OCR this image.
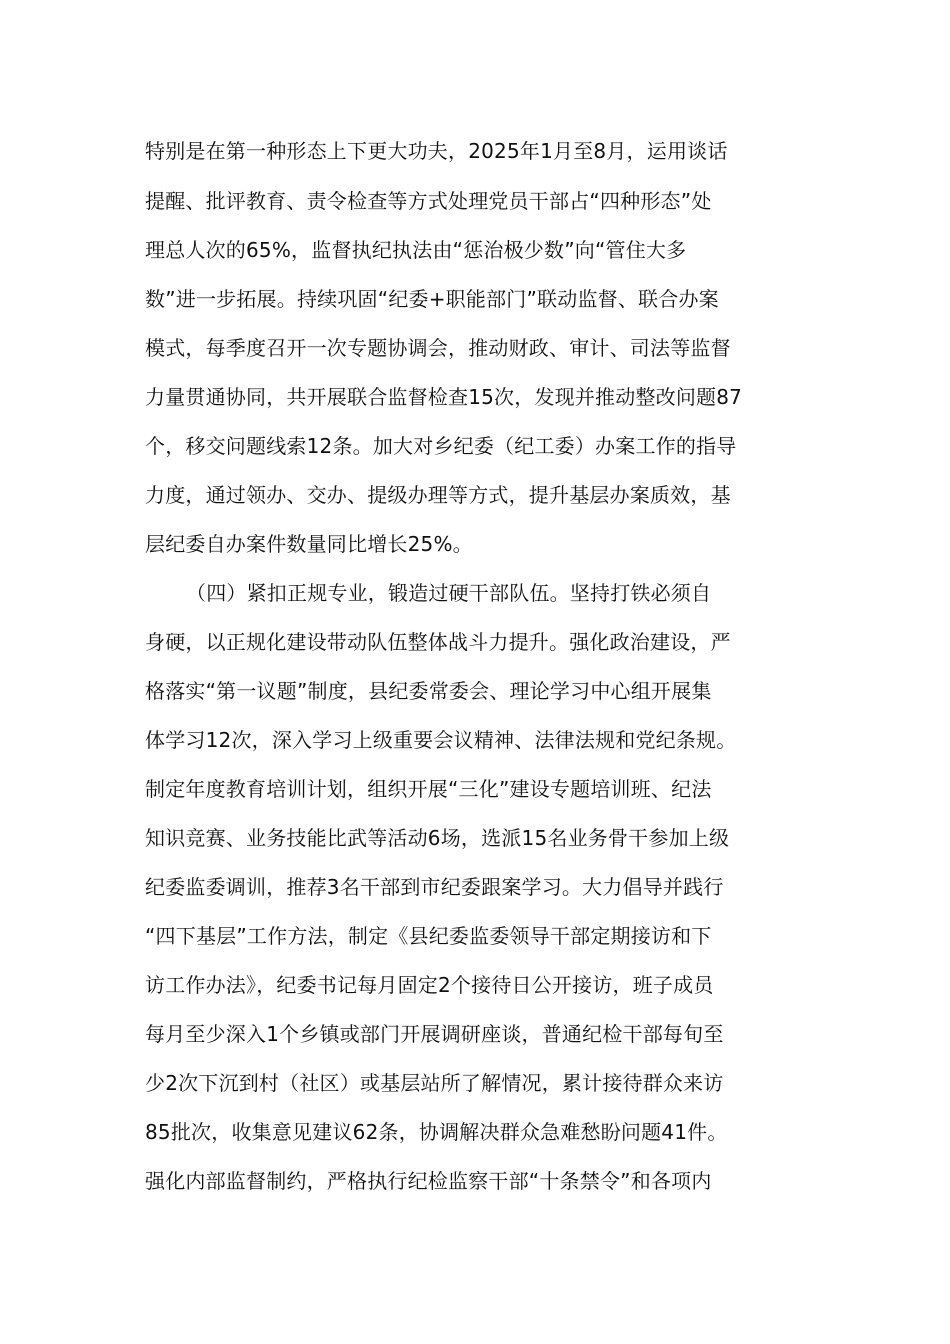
特别是在第一种形态上下更大功夫，2025年1月至8月，运用谈话
提醒、批评教育、责令检查等方式处理党员干部占“四种形态”处
理总人次的65%，监督执纪执法由“惩治极少数”向“管住大多
数”进一步拓展。持续巩固“纪委+职能部门”联动监督、联合办案
模式，每季度召开一次专题协调会，推动财政、审计、司法等监督
力量贯通协同，共开展联合监督检查15次，发现并推动整改问题87
个，移交问题线索12条。加大对乡纪委（纪工委）办案工作的指导
力度，通过领办、交办、提级办理等方式，提升基层办案质效，基
层纪委自办案件数量同比增长25%。
（四）紧扣正规专业，锻造过硬干部队伍。坚持打铁必须自
身硬，以正规化建设带动队伍整体战斗力提升。强化政治建设，严
格落实“第一议题”制度，县纪委常委会、理论学习中心组开展集
体学习12次，深入学习上级重要会议精神、法律法规和党纪条规。
制定年度教育培训计划，组织开展“三化”建设专题培训班、纪法
知识竞赛、业务技能比武等活动6场，选派15名业务骨干参加上级
纪委监委调训，推荐3名干部到市纪委跟案学习。大力倡导并践行
“四下基层”工作方法，制定《县纪委监委领导干部定期接访和下
访工作办法》，纪委书记每月固定2个接待日公开接访，班子成员
每月至少深入1个乡镇或部门开展调研座谈，普通纪检干部每旬至
少2次下沉到村（社区）或基层站所了解情况，累计接待群众来访
85批次，收集意见建议62条，协调解决群众急难愁盼问题41件。
强化内部监督制约，严格执行纪检监察干部“十条禁令”和各项内
